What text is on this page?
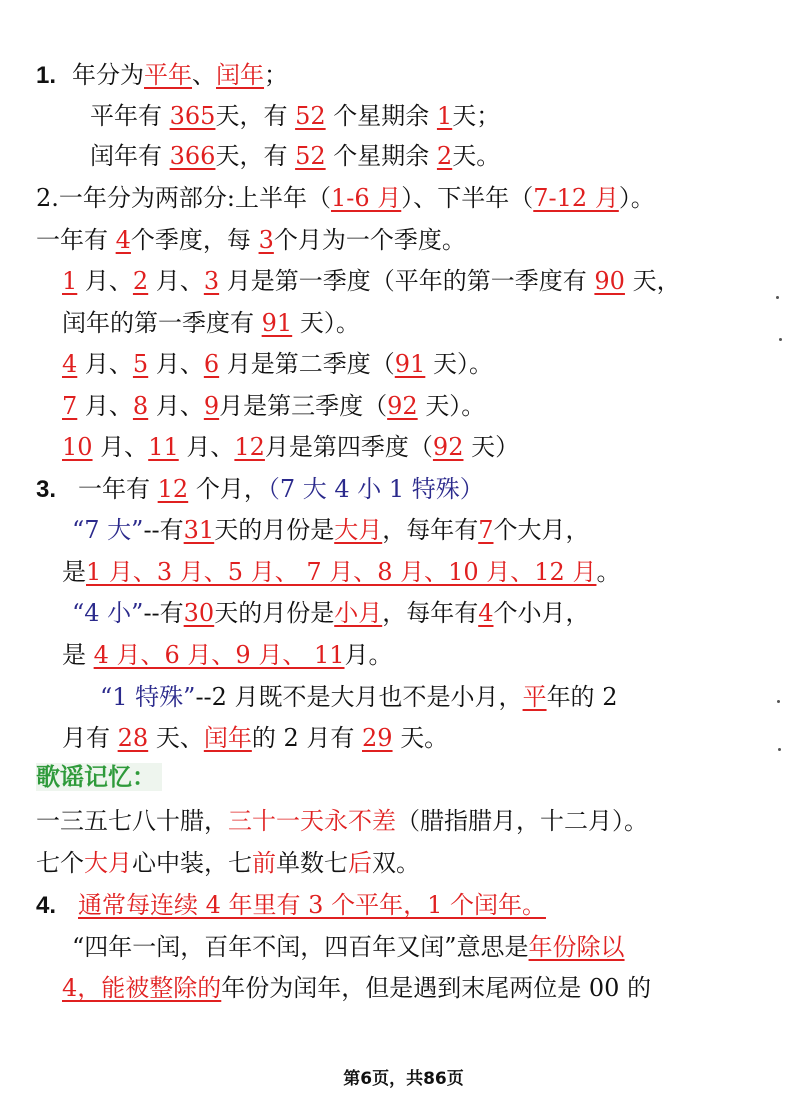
1. 年分为平年、闰年；
平年有 365天，有 52 个星期余 1天；
闰年有 366天，有 52 个星期余 2天。
2.一年分为两部分:上半年（1-6 月）、下半年（7-12 月）。
一年有 4个季度，每 3个月为一个季度。
1 月、2 月、3 月是第一季度（平年的第一季度有 90 天，
闰年的第一季度有 91 天）。
4 月、5 月、6 月是第二季度（91 天）。
7 月、8 月、9月是第三季度（92 天）。
10 月、11 月、12月是第四季度（92 天）
3. 一年有 12 个月，（7 大 4 小 1 特殊）
“7 大”--有31天的月份是大月，每年有7个大月，
是1 月、3 月、5 月、 7 月、8 月、10 月、12 月。
“4 小”--有30天的月份是小月，每年有4个小月，
是 4 月、6 月、9 月、 11月。
“1 特殊”--2 月既不是大月也不是小月，平年的 2
月有 28 天、闰年的 2 月有 29 天。
歌谣记忆：
一三五七八十腊，三十一天永不差（腊指腊月，十二月）。
七个大月心中装，七前单数七后双。
4. 通常每连续 4 年里有 3 个平年，1 个闰年。
“四年一闰，百年不闰，四百年又闰”意思是年份除以
4，能被整除的年份为闰年，但是遇到末尾两位是 00 的
第6页，共86页
